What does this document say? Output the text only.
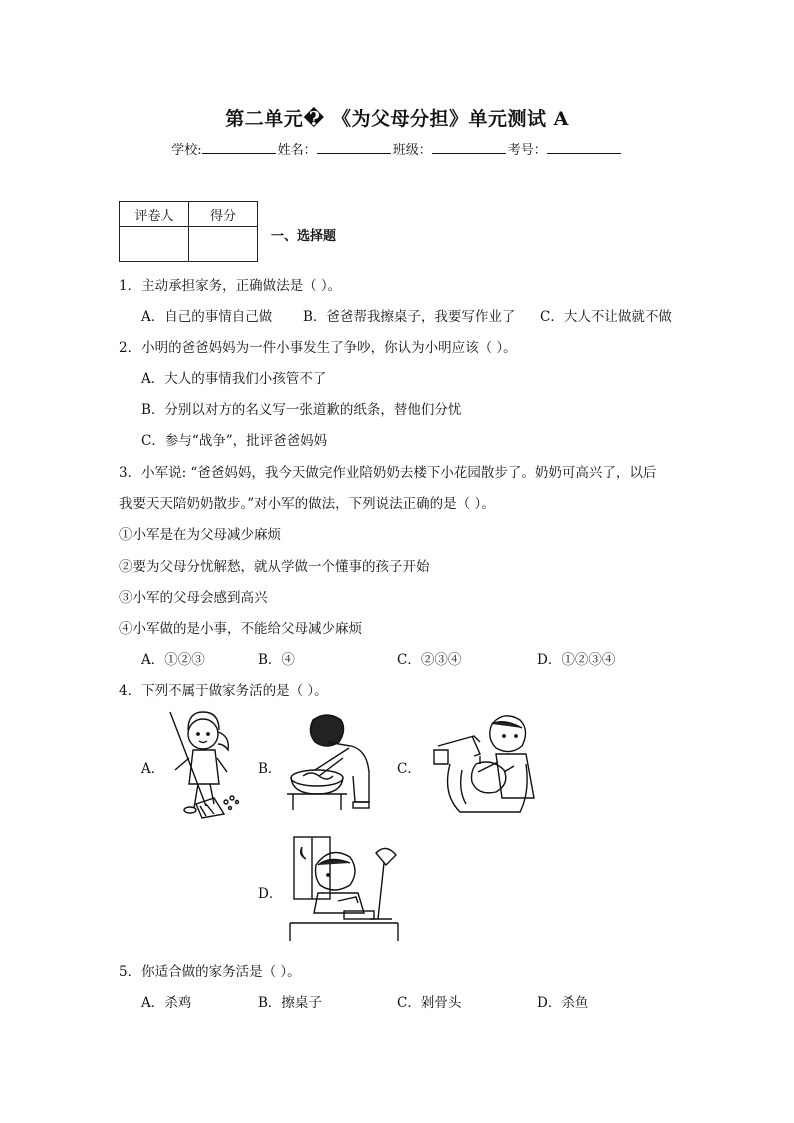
第二单元� 《为父母分担》单元测试 A
学校:	姓名：	班级：	考号：
评卷人	得分

一、选择题
1．主动承担家务，正确做法是（ ）。
A．自己的事情自己做 B．爸爸帮我擦桌子，我要写作业了 C．大人不让做就不做
2．小明的爸爸妈妈为一件小事发生了争吵，你认为小明应该（ ）。
A．大人的事情我们小孩管不了
B．分别以对方的名义写一张道歉的纸条，替他们分忧
C．参与“战争”，批评爸爸妈妈
3．小军说: “爸爸妈妈，我今天做完作业陪奶奶去楼下小花园散步了。奶奶可高兴了，以后
我要天天陪奶奶散步。”对小军的做法，下列说法正确的是（ ）。
①小军是在为父母减少麻烦
②要为父母分忧解愁，就从学做一个懂事的孩子开始
③小军的父母会感到高兴
④小军做的是小事，不能给父母减少麻烦
A．①②③	B．④	C．②③④	D．①②③④
4．下列不属于做家务活的是（ ）。
A．	B．	C．
D．
5．你适合做的家务活是（ ）。
A．杀鸡	B．擦桌子	C．剁骨头	D．杀鱼
